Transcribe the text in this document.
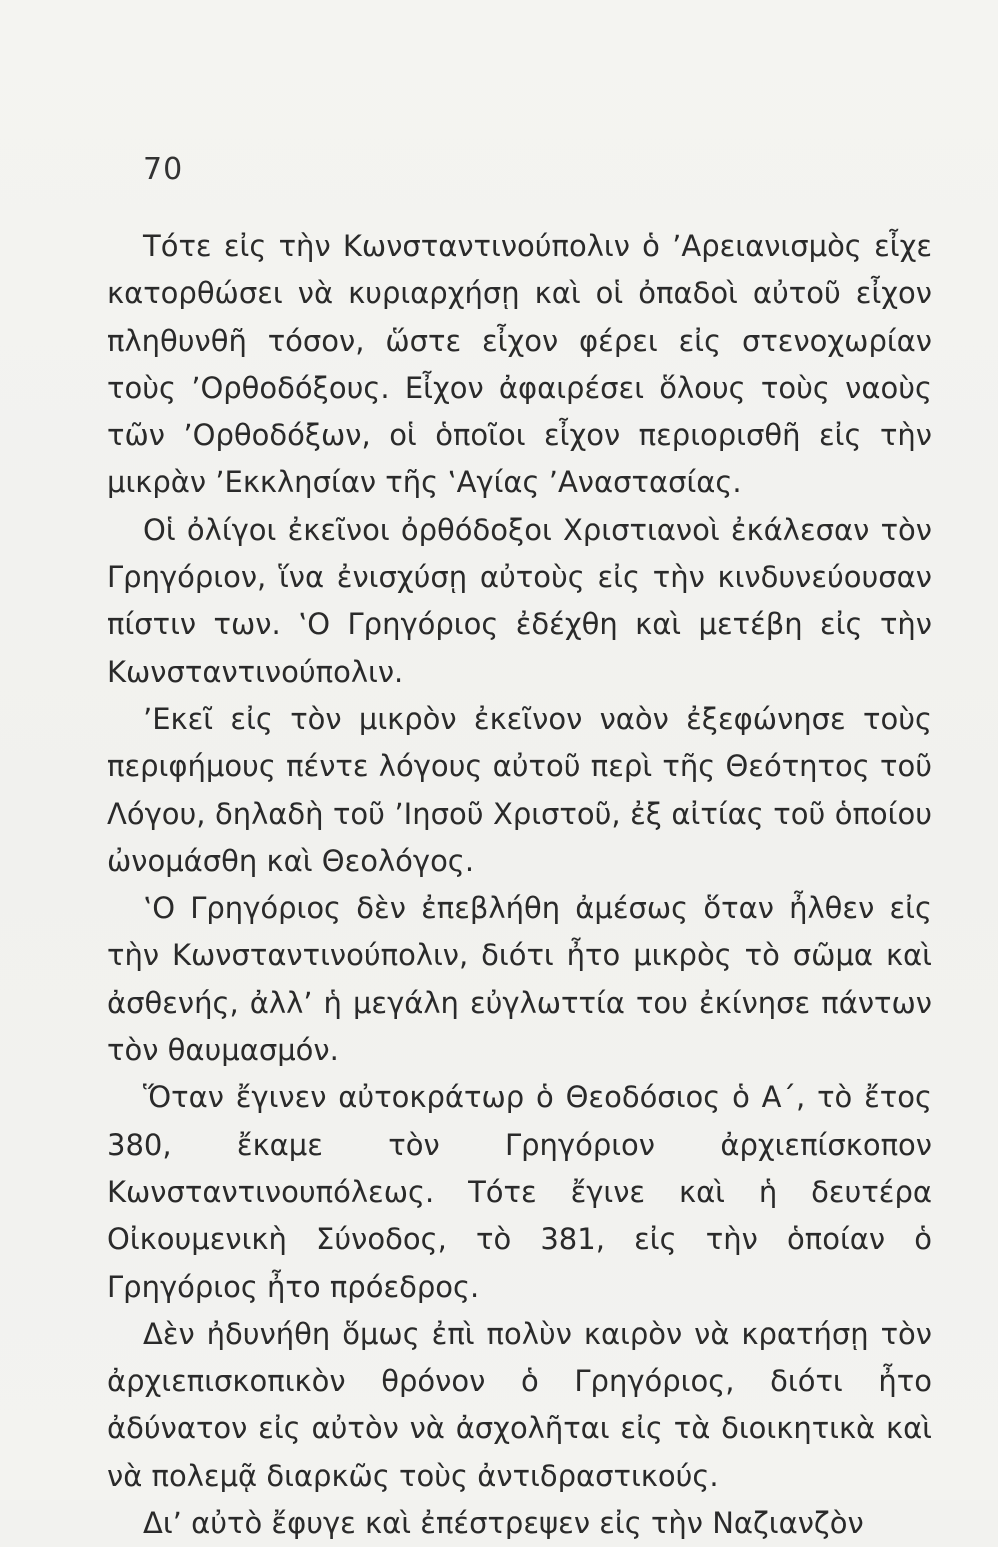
70

Τότε εἰς τὴν Κωνσταντινούπολιν ὁ ’Αρειανισμὸς εἶχε κατορθώσει νὰ κυριαρχήσῃ καὶ οἱ ὀπαδοὶ αὐτοῦ εἶχον πληθυνθῆ τόσον, ὥστε εἶχον φέρει εἰς στενοχωρίαν τοὺς ’Ορθοδόξους. Εἶχον ἀφαιρέσει ὅλους τοὺς ναοὺς τῶν ’Ορθοδόξων, οἱ ὁποῖοι εἶχον περιορισθῆ εἰς τὴν μικρὰν ’Εκκλησίαν τῆς ‛Αγίας ’Αναστασίας.

Οἱ ὀλίγοι ἐκεῖνοι ὀρθόδοξοι Χριστιανοὶ ἐκάλεσαν τὸν Γρηγόριον, ἵνα ἐνισχύσῃ αὐτοὺς εἰς τὴν κινδυνεύουσαν πίστιν των. ‛Ο Γρηγόριος ἐδέχθη καὶ μετέβη εἰς τὴν Κωνσταντινούπολιν.

’Εκεῖ εἰς τὸν μικρὸν ἐκεῖνον ναὸν ἐξεφώνησε τοὺς περιφήμους πέντε λόγους αὐτοῦ περὶ τῆς Θεότητος τοῦ Λόγου, δηλαδὴ τοῦ ’Ιησοῦ Χριστοῦ, ἐξ αἰτίας τοῦ ὁποίου ὠνομάσθη καὶ Θεολόγος.

‛Ο Γρηγόριος δὲν ἐπεβλήθη ἀμέσως ὅταν ἦλθεν εἰς τὴν Κωνσταντινούπολιν, διότι ἦτο μικρὸς τὸ σῶμα καὶ ἀσθενής, ἀλλ’ ἡ μεγάλη εὐγλωττία του ἐκίνησε πάντων τὸν θαυμασμόν.

Ὅταν ἔγινεν αὐτοκράτωρ ὁ Θεοδόσιος ὁ Α΄, τὸ ἔτος 380, ἔκαμε τὸν Γρηγόριον ἀρχιεπίσκοπον Κωνσταντινουπόλεως. Τότε ἔγινε καὶ ἡ δευτέρα Οἰκουμενικὴ Σύνοδος, τὸ 381, εἰς τὴν ὁποίαν ὁ Γρηγόριος ἦτο πρόεδρος.

Δὲν ἠδυνήθη ὅμως ἐπὶ πολὺν καιρὸν νὰ κρατήσῃ τὸν ἀρχιεπισκοπικὸν θρόνον ὁ Γρηγόριος, διότι ἦτο ἀδύνατον εἰς αὐτὸν νὰ ἀσχολῆται εἰς τὰ διοικητικὰ καὶ νὰ πολεμᾷ διαρκῶς τοὺς ἀντιδραστικούς.

Δι’ αὐτὸ ἔφυγε καὶ ἐπέστρεψεν εἰς τὴν Ναζιανζὸν
